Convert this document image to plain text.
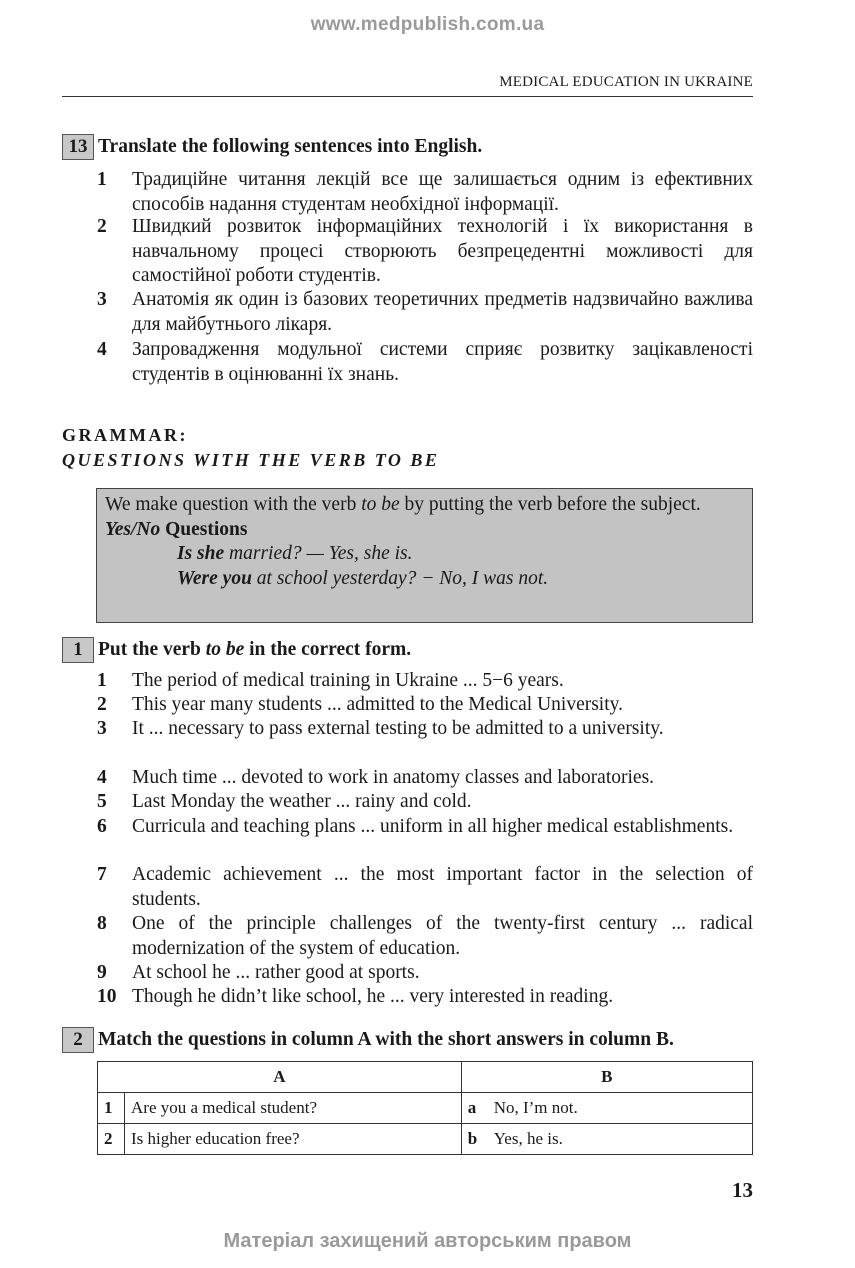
www.medpublish.com.ua
MEDICAL EDUCATION IN UKRAINE
13 Translate the following sentences into English.
1	Традиційне читання лекцій все ще залишається одним із ефективних способів надання студентам необхідної інформації.
2	Швидкий розвиток інформаційних технологій і їх використання в навчальному процесі створюють безпрецедентні можливості для самостійної роботи студентів.
3	Анатомія як один із базових теоретичних предметів надзвичайно важлива для майбутнього лікаря.
4	Запровадження модульної системи сприяє розвитку зацікавленості студентів в оцінюванні їх знань.
GRAMMAR:
QUESTIONS WITH THE VERB TO BE

We make question with the verb to be by putting the verb before the subject.

Yes/No Questions

Is she married? — Yes, she is.

Were you at school yesterday? − No, I was not.

1 Put the verb to be in the correct form.
1	The period of medical training in Ukraine ... 5−6 years.
2	This year many students ... admitted to the Medical University.
3	It ... necessary to pass external testing to be admitted to a university.
4	Much time ... devoted to work in anatomy classes and laboratories.
5	Last Monday the weather ... rainy and cold.
6	Curricula and teaching plans ... uniform in all higher medical establishments.
7	Academic achievement ... the most important factor in the selection of students.
8	One of the principle challenges of the twenty-first century ... radical modernization of the system of education.
9	At school he ... rather good at sports.
10 Though he didn’t like school, he ... very interested in reading.
2 Match the questions in column A with the short answers in column B.
A		B	
1	Are you a medical student?	a	No, I’m not.
2	Is higher education free?	b	Yes, he is.
13
Матеріал захищений авторським правом
